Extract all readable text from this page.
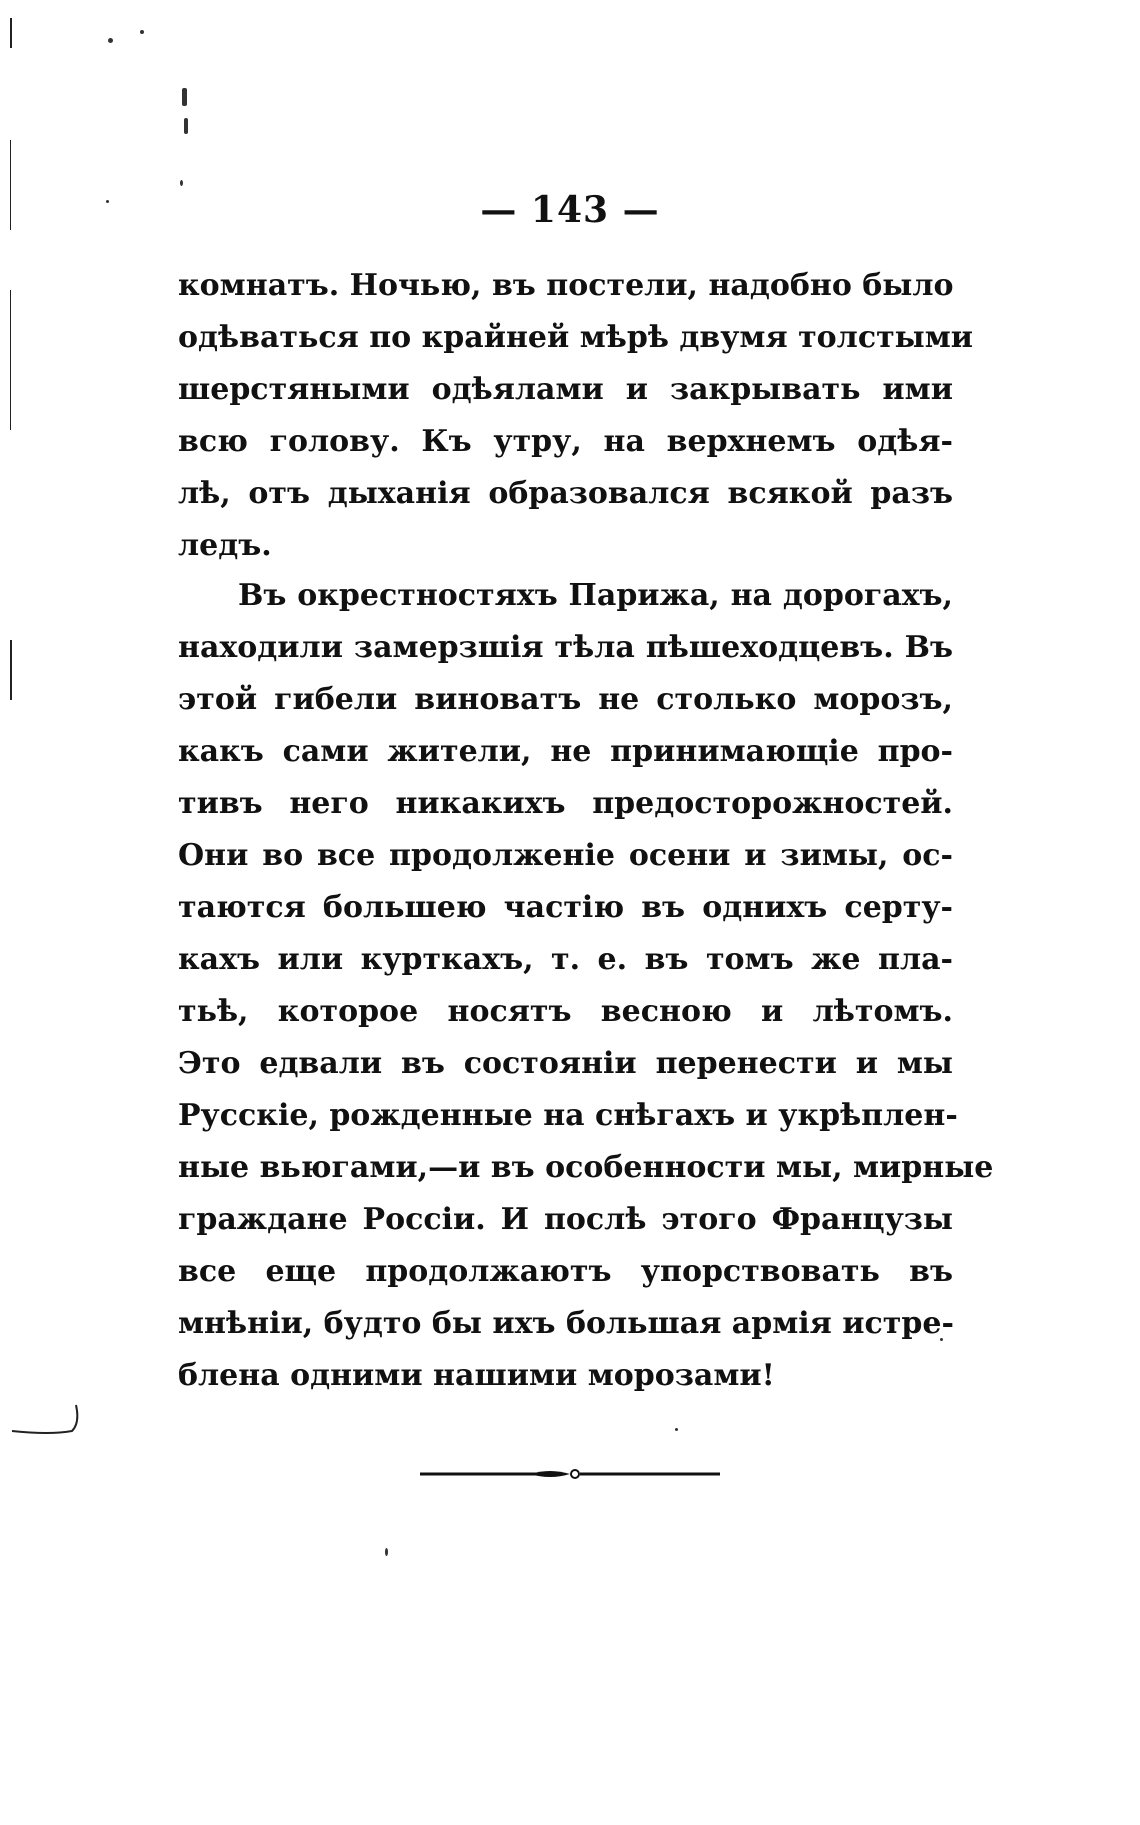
— 143 —
комнатъ. Ночью, въ постели, надобно было
одѣваться по крайней мѣрѣ двумя толстыми
шерстяными одѣялами и закрывать ими
всю голову. Къ утру, на верхнемъ одѣя-
лѣ, отъ дыханія образовался всякой разъ
ледъ.
Въ окрестностяхъ Парижа, на дорогахъ,
находили замерзшія тѣла пѣшеходцевъ. Въ
этой гибели виноватъ не столько морозъ,
какъ сами жители, не принимающіе про-
тивъ него никакихъ предосторожностей.
Они во все продолженіе осени и зимы, ос-
таются большею частію въ однихъ серту-
кахъ или курткахъ, т. е. въ томъ же пла-
тьѣ, которое носятъ весною и лѣтомъ.
Это едвали въ состояніи перенести и мы
Русскіе, рожденные на снѣгахъ и укрѣплен-
ные вьюгами,—и въ особенности мы, мирные
граждане Россіи. И послѣ этого Французы
все еще продолжаютъ упорствовать въ
мнѣніи, будто бы ихъ большая армія истре-
блена одними нашими морозами!
